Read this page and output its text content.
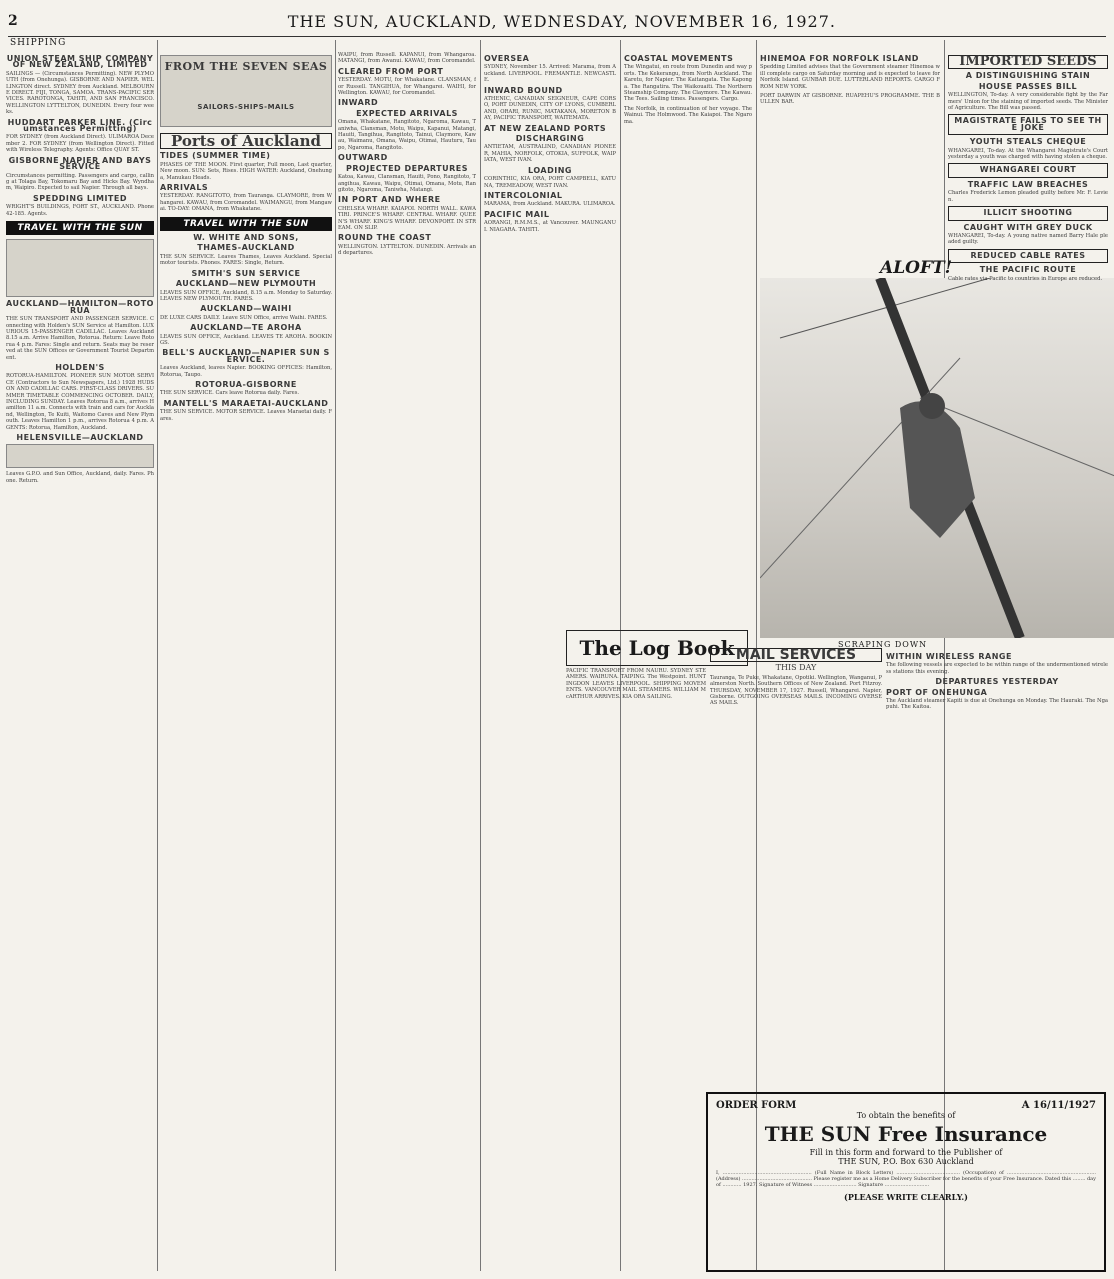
2	THE SUN, AUCKLAND, WEDNESDAY, NOVEMBER 16, 1927.
SHIPPING
UNION STEAM SHIP COMPANY OF NEW ZEALAND, LIMITED

SAILINGS — (Circumstances Permitting). NEW PLYMOUTH (from Onehunga). GISBORNE AND NAPIER. WELLINGTON direct. SYDNEY from Auckland. MELBOURNE DIRECT. FIJI, TONGA, SAMOA. TRANS-PACIFIC SERVICES. RAROTONGA, TAHITI, AND SAN FRANCISCO. WELLINGTON LYTTELTON, DUNEDIN. Every four weeks.

HUDDART PARKER LINE. (Circumstances Permitting)

FOR SYDNEY (from Auckland Direct). ULIMAROA December 2. FOR SYDNEY (from Wellington Direct). Fitted with Wireless Telegraphy. Agents: Office QUAY ST.

GISBORNE NAPIER AND BAYS SERVICE

Circumstances permitting. Passengers and cargo, calling at Tolaga Bay, Tokomaru Bay and Hicks Bay. Wyndham, Waipiro. Expected to sail Napier. Through all bays.

SPEDDING LIMITED

WRIGHT'S BUILDINGS, FORT ST., AUCKLAND. Phone 42-185. Agents.

TRAVEL WITH THE SUN
AUCKLAND—HAMILTON—ROTORUA

THE SUN TRANSPORT AND PASSENGER SERVICE. Connecting with Holden's SUN Service at Hamilton. LUXURIOUS 15-PASSENGER CADILLAC. Leaves Auckland 8.15 a.m. Arrive Hamilton, Rotorua. Return: Leave Rotorua 4 p.m. Fares: Single and return. Seats may be reserved at the SUN Offices or Government Tourist Department.

HOLDEN'S

ROTORUA-HAMILTON. PIONEER SUN MOTOR SERVICE (Contractors to Sun Newspapers, Ltd.) 1928 HUDSON AND CADILLAC CARS. FIRST-CLASS DRIVERS. SUMMER TIMETABLE COMMENCING OCTOBER. DAILY, INCLUDING SUNDAY. Leaves Rotorua 8 a.m., arrives Hamilton 11 a.m. Connects with train and cars for Auckland, Wellington, Te Kuiti, Waitomo Caves and New Plymouth. Leaves Hamilton 1 p.m., arrives Rotorua 4 p.m. AGENTS: Rotorua, Hamilton, Auckland.

HELENSVILLE—AUCKLAND

Leaves G.P.O. and Sun Office, Auckland, daily. Fares. Phone. Return.

FROM THE SEVEN SEAS
SAILORS-SHIPS-MAILS
Ports of Auckland
TIDES (SUMMER TIME)

PHASES OF THE MOON. First quarter, Full moon, Last quarter, New moon. SUN: Sets, Rises. HIGH WATER: Auckland, Onehunga, Manukau Heads.

ARRIVALS

YESTERDAY. RANGITOTO, from Tauranga. CLAYMORE, from Whangarei. KAWAU, from Coromandel. WAIMANGU, from Mangawai. TO-DAY: OMANA, from Whakatane.

TRAVEL WITH THE SUN
W. WHITE AND SONS,
THAMES-AUCKLAND

THE SUN SERVICE. Leaves Thames, Leaves Auckland. Special motor tourists. Phones. FARES: Single, Return.

SMITH'S SUN SERVICE
AUCKLAND—NEW PLYMOUTH

LEAVES SUN OFFICE, Auckland, 8.15 a.m. Monday to Saturday. LEAVES NEW PLYMOUTH. FARES.

AUCKLAND—WAIHI

DE LUXE CARS DAILY. Leave SUN Office, arrive Waihi. FARES.

AUCKLAND—TE AROHA

LEAVES SUN OFFICE, Auckland. LEAVES TE AROHA. BOOKINGS.

BELL'S AUCKLAND—NAPIER SUN SERVICE.

Leaves Auckland, leaves Napier. BOOKING OFFICES: Hamilton, Rotorua, Taupo.

ROTORUA-GISBORNE

THE SUN SERVICE. Cars leave Rotorua daily. Fares.

MANTELL'S MARAETAI-AUCKLAND

THE SUN SERVICE. MOTOR SERVICE. Leaves Maraetai daily. Fares.

WAIPU, from Russell. KAPANUI, from Whangaroa. MATANGI, from Awanui. KAWAU, from Coromandel.

CLEARED FROM PORT

YESTERDAY. MOTU, for Whakatane. CLANSMAN, for Russell. TANGIHUA, for Whangarei. WAIHI, for Wellington. KAWAU, for Coromandel.

INWARD
EXPECTED ARRIVALS

Omana, Whakatane, Rangitoto, Ngaroma, Kawau, Taniwha, Clansman, Motu, Waipu, Kapanui, Matangi, Hauiti, Tangihua, Rangitoto, Tainui, Claymore, Kawau, Waimanu, Omana, Waipu, Otimai, Hauturu, Taupo, Ngaroma, Rangitoto.

OUTWARD
PROJECTED DEPARTURES

Katoa, Kawau, Clansman, Hauiti, Pono, Rangitoto, Tangihua, Kawau, Waipu, Otimai, Omana, Motu, Rangitoto, Ngaroma, Taniwha, Matangi.

IN PORT AND WHERE

CHELSEA WHARF. KAIAPOI. NORTH WALL. KAWATIRI. PRINCE'S WHARF. CENTRAL WHARF. QUEEN'S WHARF. KING'S WHARF. DEVONPORT. IN STREAM. ON SLIP.

ROUND THE COAST

WELLINGTON. LYTTELTON. DUNEDIN. Arrivals and departures.

OVERSEA

SYDNEY, November 15. Arrived: Marama, from Auckland. LIVERPOOL. FREMANTLE. NEWCASTLE.

INWARD BOUND

ATHENIC, CANADIAN SEIGNEUR, CAPE CORSO, PORT DUNEDIN, CITY OF LYONS, CUMBERLAND, ORARI, RUNIC, MATAKANA, MORETON BAY, PACIFIC TRANSPORT, WAITEMATA.

AT NEW ZEALAND PORTS
DISCHARGING

ANTIETAM, AUSTRALIND, CANADIAN PIONEER, MAHIA, NORFOLK, OTOKIA, SUFFOLK, WAIPIATA, WEST IVAN.

LOADING

CORINTHIC, KIA ORA, PORT CAMPBELL, KATUNA, TREMEADOW, WEST IVAN.

INTERCOLONIAL

MARAMA, from Auckland. MAKURA. ULIMAROA.

PACIFIC MAIL

AORANGI, R.M.M.S., at Vancouver. MAUNGANUI. NIAGARA. TAHITI.

COASTAL MOVEMENTS

The Wingatui, en route from Dunedin and way ports. The Kekerangu, from North Auckland. The Karetu, for Napier. The Kaitangata. The Kaponga. The Rangatira. The Waikouaiti. The Northern Steamship Company. The Claymore. The Kawau. The Tees. Sailing times. Passengers. Cargo.

The Norfolk, in continuation of her voyage. The Wainui. The Holmwood. The Kaiapoi. The Ngaroma.

The Log Book

PACIFIC TRANSPORT FROM NAURU. SYDNEY STEAMERS. WAIRUNA. TAIPING. The Westpoint. HUNTINGDON LEAVES LIVERPOOL. SHIPPING MOVEMENTS. VANCOUVER MAIL STEAMERS. WILLIAM McARTHUR ARRIVES. KIA ORA SAILING.

HINEMOA FOR NORFOLK ISLAND

Spedding Limited advises that the Government steamer Hinemoa will complete cargo on Saturday morning and is expected to leave for Norfolk Island. GUNBAR DUE. LUTTERLAND REPORTS. CARGO FROM NEW YORK.

PORT DARWIN AT GISBORNE. RUAPEHU'S PROGRAMME. THE BULLEN BAR.

ALOFT!
SCRAPING DOWN
MAIL SERVICES
THIS DAY

Tauranga, Te Puke, Whakatane, Opotiki. Wellington, Wanganui, Palmerston North. Southern Offices of New Zealand. Port Fitzroy. THURSDAY, NOVEMBER 17, 1927. Russell, Whangarei. Napier, Gisborne. OUTGOING OVERSEAS MAILS. INCOMING OVERSEAS MAILS.

WITHIN WIRELESS RANGE

The following vessels are expected to be within range of the undermentioned wireless stations this evening.

DEPARTURES YESTERDAY
PORT OF ONEHUNGA

The Auckland steamer Kapiti is due at Onehunga on Monday. The Hauraki. The Ngapuhi. The Kaitoa.

IMPORTED SEEDS
A DISTINGUISHING STAIN
HOUSE PASSES BILL

WELLINGTON, To-day. A very considerable fight by the Farmers' Union for the staining of imported seeds. The Minister of Agriculture. The Bill was passed.

MAGISTRATE FAILS TO SEE THE JOKE
YOUTH STEALS CHEQUE

WHANGAREI, To-day. At the Whangarei Magistrate's Court yesterday a youth was charged with having stolen a cheque.

WHANGAREI COURT
TRAFFIC LAW BREACHES

Charles Frederick Lemon pleaded guilty before Mr. F. Levien.

ILLICIT SHOOTING
CAUGHT WITH GREY DUCK

WHANGAREI, To-day. A young native named Barry Hale pleaded guilty.

REDUCED CABLE RATES
THE PACIFIC ROUTE

Cable rates via Pacific to countries in Europe are reduced.

ORDER FORM	A 16/11/1927
To obtain the benefits of
THE SUN Free Insurance
Fill in this form and forward to the Publisher of
THE SUN, P.O. Box 630 Auckland
I, ........................................................ (Full Name in Block Letters) ........................................ (Occupation) of ........................................................ (Address) ............................................ Please register me as a Home Delivery Subscriber for the benefits of your Free Insurance. Dated this ........ day of ............ 1927. Signature of Witness ........................... Signature ............................
(PLEASE WRITE CLEARLY.)
